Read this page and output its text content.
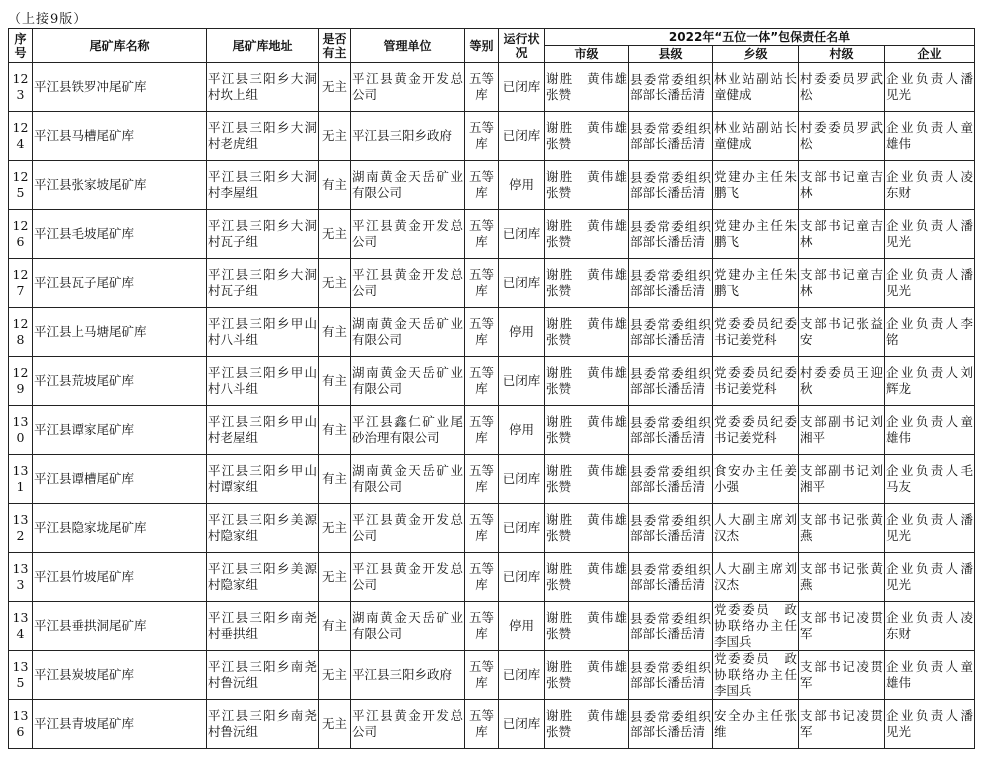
（上接9版）
序号	尾矿库名称	尾矿库地址	是否有主	管理单位	等别	运行状况	2022年“五位一体”包保责任名单				
							市级	县级	乡级	村级	企业

123	平江县铁罗冲尾矿库	平江县三阳乡大洞村坎上组	无主	平江县黄金开发总公司	五等库	已闭库	谢胜　黄伟雄张赞	县委常委组织部部长潘岳清	林业站副站长童健成	村委委员罗武松	企业负责人潘见光

124	平江县马槽尾矿库	平江县三阳乡大洞村老虎组	无主	平江县三阳乡政府	五等库	已闭库	谢胜　黄伟雄张赞	县委常委组织部部长潘岳清	林业站副站长童健成	村委委员罗武松	企业负责人童雄伟

125	平江县张家坡尾矿库	平江县三阳乡大洞村李屋组	有主	湖南黄金天岳矿业有限公司	五等库	停用	谢胜　黄伟雄张赞	县委常委组织部部长潘岳清	党建办主任朱鹏飞	支部书记童吉林	企业负责人凌东财

126	平江县毛坡尾矿库	平江县三阳乡大洞村瓦子组	无主	平江县黄金开发总公司	五等库	已闭库	谢胜　黄伟雄张赞	县委常委组织部部长潘岳清	党建办主任朱鹏飞	支部书记童吉林	企业负责人潘见光

127	平江县瓦子尾矿库	平江县三阳乡大洞村瓦子组	无主	平江县黄金开发总公司	五等库	已闭库	谢胜　黄伟雄张赞	县委常委组织部部长潘岳清	党建办主任朱鹏飞	支部书记童吉林	企业负责人潘见光

128	平江县上马塘尾矿库	平江县三阳乡甲山村八斗组	有主	湖南黄金天岳矿业有限公司	五等库	停用	谢胜　黄伟雄张赞	县委常委组织部部长潘岳清	党委委员纪委书记姜党科	支部书记张益安	企业负责人李铭

129	平江县荒坡尾矿库	平江县三阳乡甲山村八斗组	有主	湖南黄金天岳矿业有限公司	五等库	已闭库	谢胜　黄伟雄张赞	县委常委组织部部长潘岳清	党委委员纪委书记姜党科	村委委员王迎秋	企业负责人刘辉龙

130	平江县谭家尾矿库	平江县三阳乡甲山村老屋组	有主	平江县鑫仁矿业尾砂治理有限公司	五等库	停用	谢胜　黄伟雄张赞	县委常委组织部部长潘岳清	党委委员纪委书记姜党科	支部副书记刘湘平	企业负责人童雄伟

131	平江县谭槽尾矿库	平江县三阳乡甲山村谭家组	有主	湖南黄金天岳矿业有限公司	五等库	已闭库	谢胜　黄伟雄张赞	县委常委组织部部长潘岳清	食安办主任姜小强	支部副书记刘湘平	企业负责人毛马友

132	平江县隐家垅尾矿库	平江县三阳乡美源村隐家组	无主	平江县黄金开发总公司	五等库	已闭库	谢胜　黄伟雄张赞	县委常委组织部部长潘岳清	人大副主席刘汉杰	支部书记张黄燕	企业负责人潘见光

133	平江县竹坡尾矿库	平江县三阳乡美源村隐家组	无主	平江县黄金开发总公司	五等库	已闭库	谢胜　黄伟雄张赞	县委常委组织部部长潘岳清	人大副主席刘汉杰	支部书记张黄燕	企业负责人潘见光

134	平江县垂拱洞尾矿库	平江县三阳乡南尧村垂拱组	有主	湖南黄金天岳矿业有限公司	五等库	停用	谢胜　黄伟雄张赞	县委常委组织部部长潘岳清	党委委员　政协联络办主任　李国兵	支部书记凌贯军	企业负责人凌东财

135	平江县炭坡尾矿库	平江县三阳乡南尧村鲁沅组	无主	平江县三阳乡政府	五等库	已闭库	谢胜　黄伟雄张赞	县委常委组织部部长潘岳清	党委委员　政协联络办主任　李国兵	支部书记凌贯军	企业负责人童雄伟

136	平江县青坡尾矿库	平江县三阳乡南尧村鲁沅组	无主	平江县黄金开发总公司	五等库	已闭库	谢胜　黄伟雄张赞	县委常委组织部部长潘岳清	安全办主任张维	支部书记凌贯军	企业负责人潘见光
